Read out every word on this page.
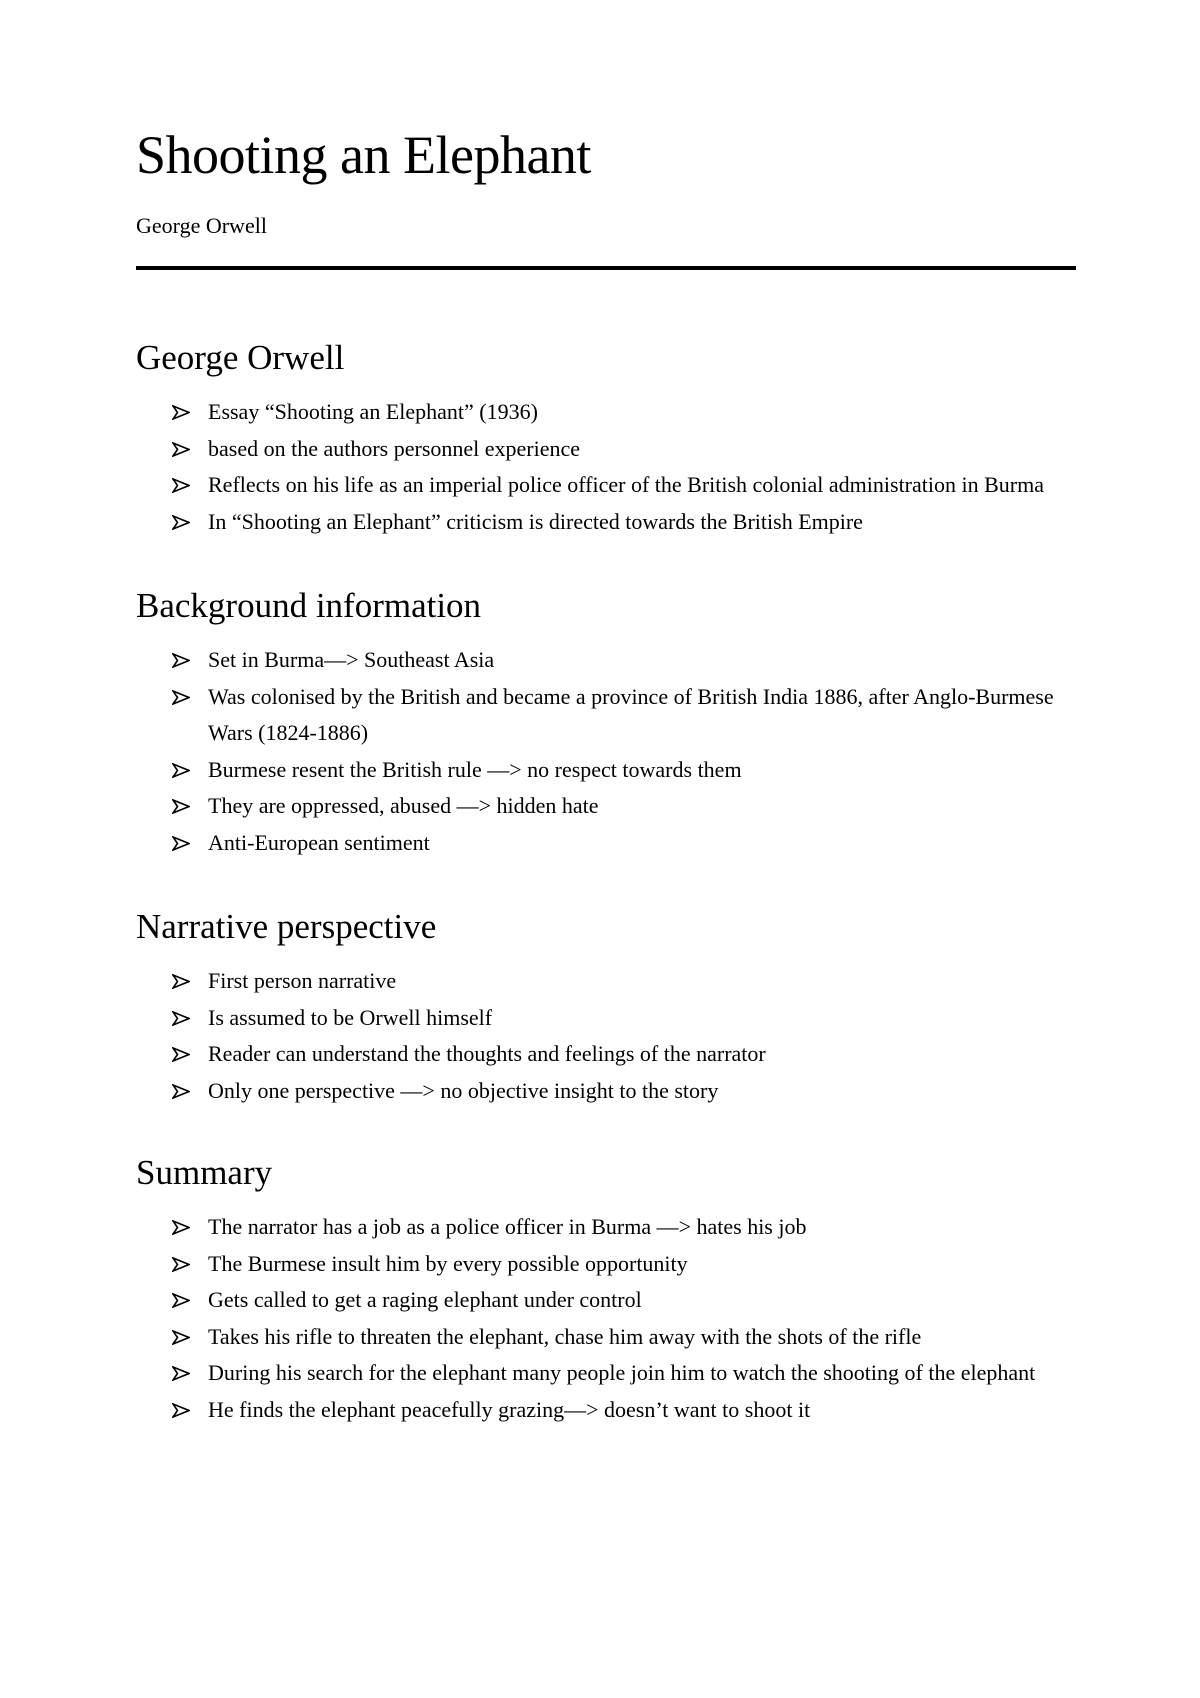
Shooting an Elephant

George Orwell

George Orwell
Essay “Shooting an Elephant” (1936)
based on the authors personnel experience
Reflects on his life as an imperial police officer of the British colonial administration in Burma
In “Shooting an Elephant” criticism is directed towards the British Empire
Background information
Set in Burma—> Southeast Asia
Was colonised by the British and became a province of British India 1886, after Anglo-Burmese Wars (1824-1886)
Burmese resent the British rule —> no respect towards them
They are oppressed, abused —> hidden hate
Anti-European sentiment
Narrative perspective
First person narrative
Is assumed to be Orwell himself
Reader can understand the thoughts and feelings of the narrator
Only one perspective —> no objective insight to the story
Summary
The narrator has a job as a police officer in Burma —> hates his job
The Burmese insult him by every possible opportunity
Gets called to get a raging elephant under control
Takes his rifle to threaten the elephant, chase him away with the shots of the rifle
During his search for the elephant many people join him to watch the shooting of the elephant
He finds the elephant peacefully grazing—> doesn’t want to shoot it
